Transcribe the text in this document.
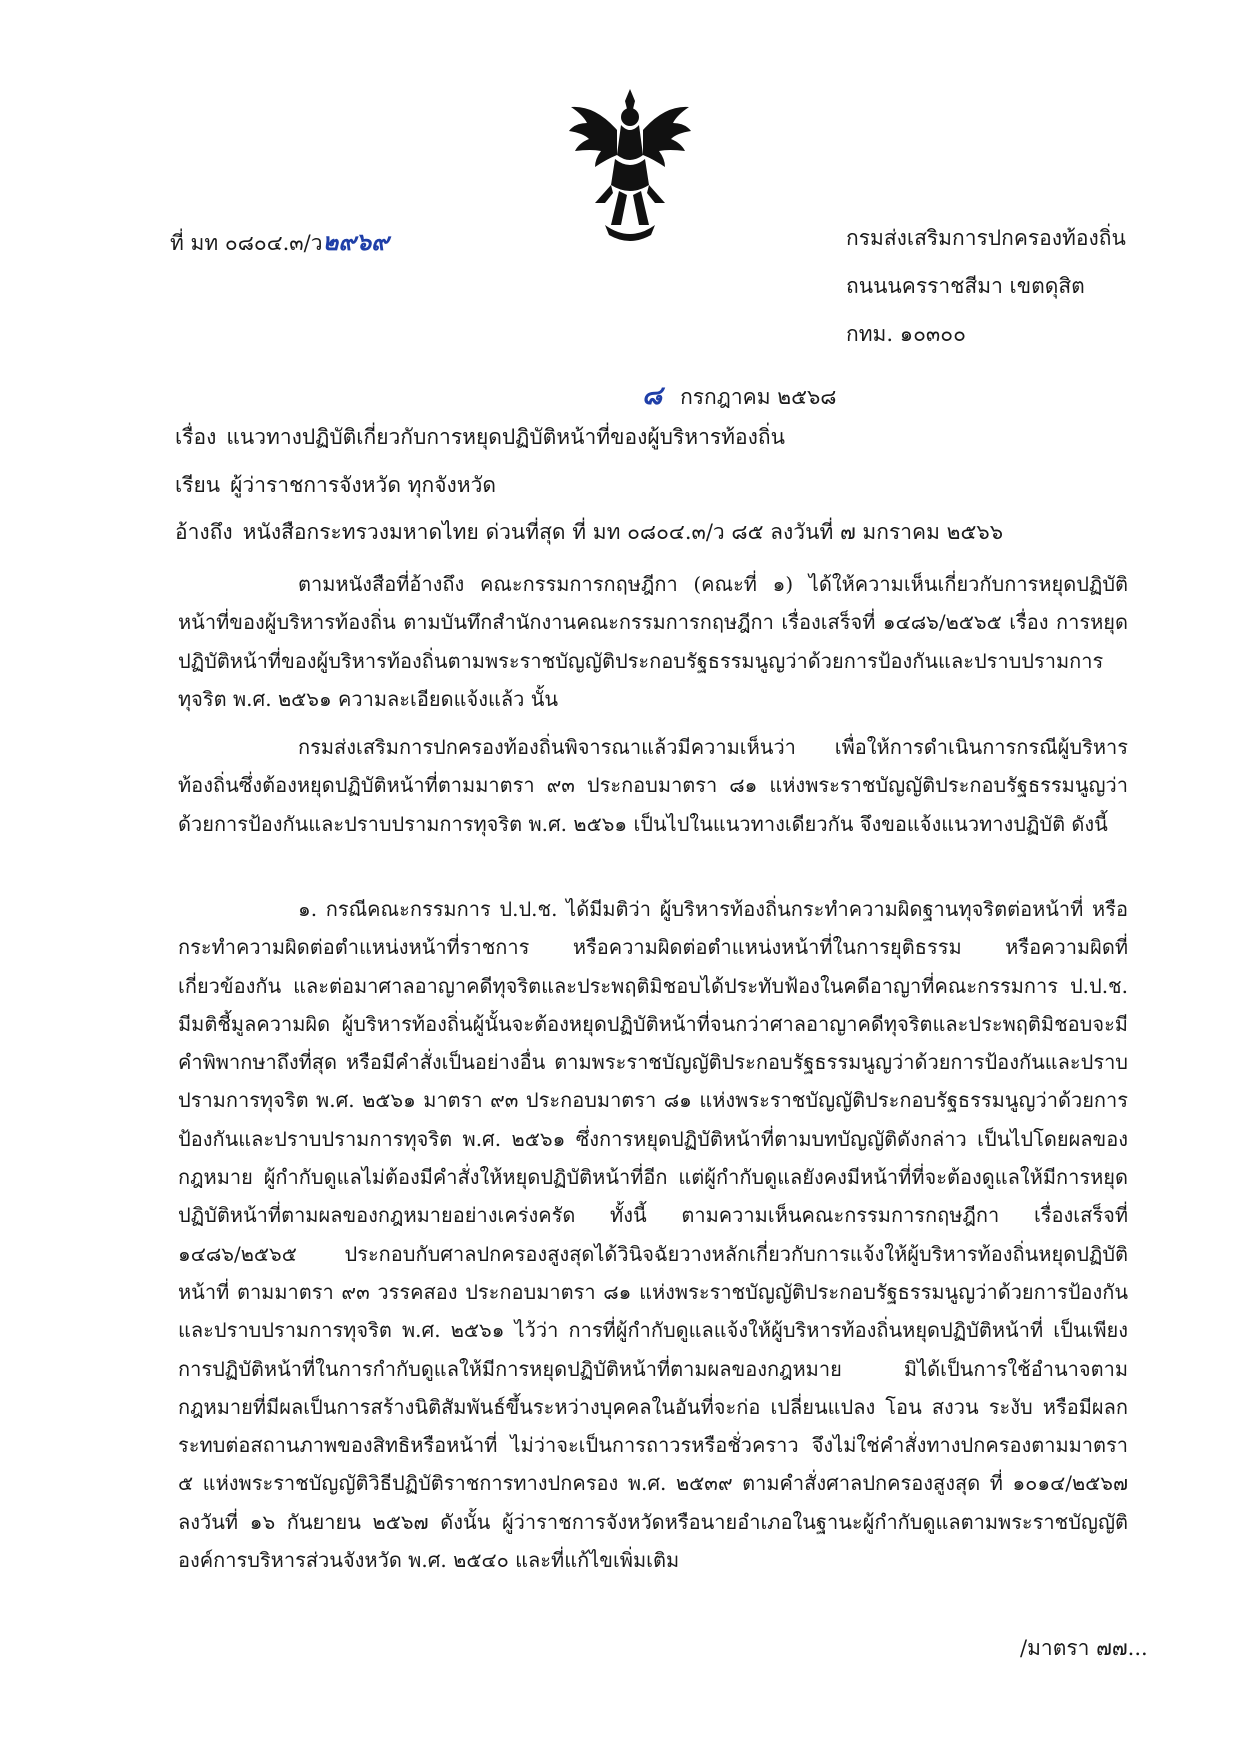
ที่ มท ๐๘๐๔.๓/ว๒๙๖๙	กรมส่งเสริมการปกครองท้องถิ่น
ถนนนครราชสีมา เขตดุสิต
กทม. ๑๐๓๐๐
๘ กรกฎาคม ๒๕๖๘
เรื่อง แนวทางปฏิบัติเกี่ยวกับการหยุดปฏิบัติหน้าที่ของผู้บริหารท้องถิ่น
เรียน ผู้ว่าราชการจังหวัด ทุกจังหวัด
อ้างถึง หนังสือกระทรวงมหาดไทย ด่วนที่สุด ที่ มท ๐๘๐๔.๓/ว ๘๕ ลงวันที่ ๗ มกราคม ๒๕๖๖

ตามหนังสือที่อ้างถึง คณะกรรมการกฤษฎีกา (คณะที่ ๑) ได้ให้ความเห็นเกี่ยวกับการหยุดปฏิบัติหน้าที่ของผู้บริหารท้องถิ่น ตามบันทึกสำนักงานคณะกรรมการกฤษฎีกา เรื่องเสร็จที่ ๑๔๘๖/๒๕๖๕ เรื่อง การหยุดปฏิบัติหน้าที่ของผู้บริหารท้องถิ่นตามพระราชบัญญัติประกอบรัฐธรรมนูญว่าด้วยการป้องกันและปราบปรามการทุจริต พ.ศ. ๒๕๖๑ ความละเอียดแจ้งแล้ว นั้น

กรมส่งเสริมการปกครองท้องถิ่นพิจารณาแล้วมีความเห็นว่า เพื่อให้การดำเนินการกรณีผู้บริหารท้องถิ่นซึ่งต้องหยุดปฏิบัติหน้าที่ตามมาตรา ๙๓ ประกอบมาตรา ๘๑ แห่งพระราชบัญญัติประกอบรัฐธรรมนูญว่าด้วยการป้องกันและปราบปรามการทุจริต พ.ศ. ๒๕๖๑ เป็นไปในแนวทางเดียวกัน จึงขอแจ้งแนวทางปฏิบัติ ดังนี้

๑. กรณีคณะกรรมการ ป.ป.ช. ได้มีมติว่า ผู้บริหารท้องถิ่นกระทำความผิดฐานทุจริตต่อหน้าที่ หรือกระทำความผิดต่อตำแหน่งหน้าที่ราชการ หรือความผิดต่อตำแหน่งหน้าที่ในการยุติธรรม หรือความผิดที่เกี่ยวข้องกัน และต่อมาศาลอาญาคดีทุจริตและประพฤติมิชอบได้ประทับฟ้องในคดีอาญาที่คณะกรรมการ ป.ป.ช. มีมติชี้มูลความผิด ผู้บริหารท้องถิ่นผู้นั้นจะต้องหยุดปฏิบัติหน้าที่จนกว่าศาลอาญาคดีทุจริตและประพฤติมิชอบจะมีคำพิพากษาถึงที่สุด หรือมีคำสั่งเป็นอย่างอื่น ตามพระราชบัญญัติประกอบรัฐธรรมนูญว่าด้วยการป้องกันและปราบปรามการทุจริต พ.ศ. ๒๕๖๑ มาตรา ๙๓ ประกอบมาตรา ๘๑ แห่งพระราชบัญญัติประกอบรัฐธรรมนูญว่าด้วยการป้องกันและปราบปรามการทุจริต พ.ศ. ๒๕๖๑ ซึ่งการหยุดปฏิบัติหน้าที่ตามบทบัญญัติดังกล่าว เป็นไปโดยผลของกฎหมาย ผู้กำกับดูแลไม่ต้องมีคำสั่งให้หยุดปฏิบัติหน้าที่อีก แต่ผู้กำกับดูแลยังคงมีหน้าที่ที่จะต้องดูแลให้มีการหยุดปฏิบัติหน้าที่ตามผลของกฎหมายอย่างเคร่งครัด ทั้งนี้ ตามความเห็นคณะกรรมการกฤษฎีกา เรื่องเสร็จที่ ๑๔๘๖/๒๕๖๕ ประกอบกับศาลปกครองสูงสุดได้วินิจฉัยวางหลักเกี่ยวกับการแจ้งให้ผู้บริหารท้องถิ่นหยุดปฏิบัติหน้าที่ ตามมาตรา ๙๓ วรรคสอง ประกอบมาตรา ๘๑ แห่งพระราชบัญญัติประกอบรัฐธรรมนูญว่าด้วยการป้องกันและปราบปรามการทุจริต พ.ศ. ๒๕๖๑ ไว้ว่า การที่ผู้กำกับดูแลแจ้งให้ผู้บริหารท้องถิ่นหยุดปฏิบัติหน้าที่ เป็นเพียงการปฏิบัติหน้าที่ในการกำกับดูแลให้มีการหยุดปฏิบัติหน้าที่ตามผลของกฎหมาย มิได้เป็นการใช้อำนาจตามกฎหมายที่มีผลเป็นการสร้างนิติสัมพันธ์ขึ้นระหว่างบุคคลในอันที่จะก่อ เปลี่ยนแปลง โอน สงวน ระงับ หรือมีผลกระทบต่อสถานภาพของสิทธิหรือหน้าที่ ไม่ว่าจะเป็นการถาวรหรือชั่วคราว จึงไม่ใช่คำสั่งทางปกครองตามมาตรา ๕ แห่งพระราชบัญญัติวิธีปฏิบัติราชการทางปกครอง พ.ศ. ๒๕๓๙ ตามคำสั่งศาลปกครองสูงสุด ที่ ๑๐๑๔/๒๕๖๗ ลงวันที่ ๑๖ กันยายน ๒๕๖๗ ดังนั้น ผู้ว่าราชการจังหวัดหรือนายอำเภอในฐานะผู้กำกับดูแลตามพระราชบัญญัติองค์การบริหารส่วนจังหวัด พ.ศ. ๒๕๔๐ และที่แก้ไขเพิ่มเติม

/มาตรา ๗๗...
